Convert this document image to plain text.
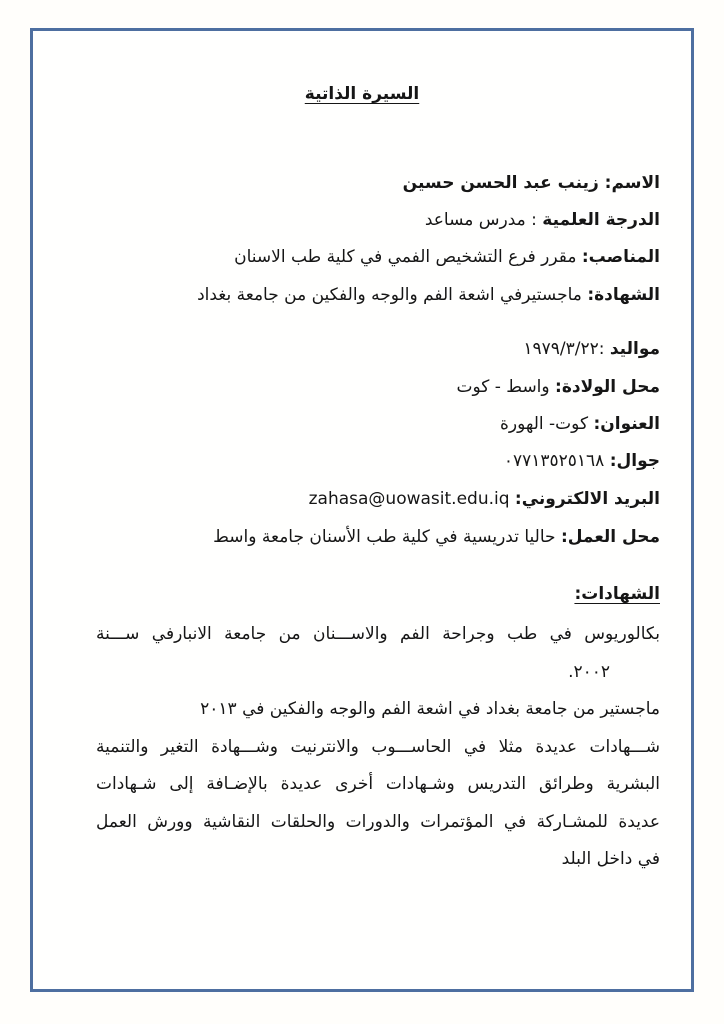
السيرة الذاتية
الاسم: زينب عبد الحسن حسين
الدرجة العلمية : مدرس مساعد
المناصب: مقرر فرع التشخيص الفمي في كلية طب الاسنان
الشهادة: ماجستيرفي اشعة الفم والوجه والفكين من جامعة بغداد
مواليد :١٩٧٩/٣/٢٢
محل الولادة: واسط - كوت
العنوان: كوت- الهورة
جوال: ٠٧٧١٣٥٢٥١٦٨
البريد الالكتروني: zahasa@uowasit.edu.iq
محل العمل: حاليا تدريسية في كلية طب الأسنان جامعة واسط
الشهادات:
بكالوريوس في طب وجراحة الفم والاســـنان من جامعة الانبارفي ســـنة
٢٠٠٢.
ماجستير من جامعة بغداد في اشعة الفم والوجه والفكين في ٢٠١٣
شـــهادات عديدة مثلا في الحاســـوب والانترنيت وشـــهادة التغير والتنمية
البشرية وطرائق التدريس وشـهادات أخرى عديدة بالإضـافة إلى شـهادات
عديدة للمشـاركة في المؤتمرات والدورات والحلقات النقاشية وورش العمل
في داخل البلد
